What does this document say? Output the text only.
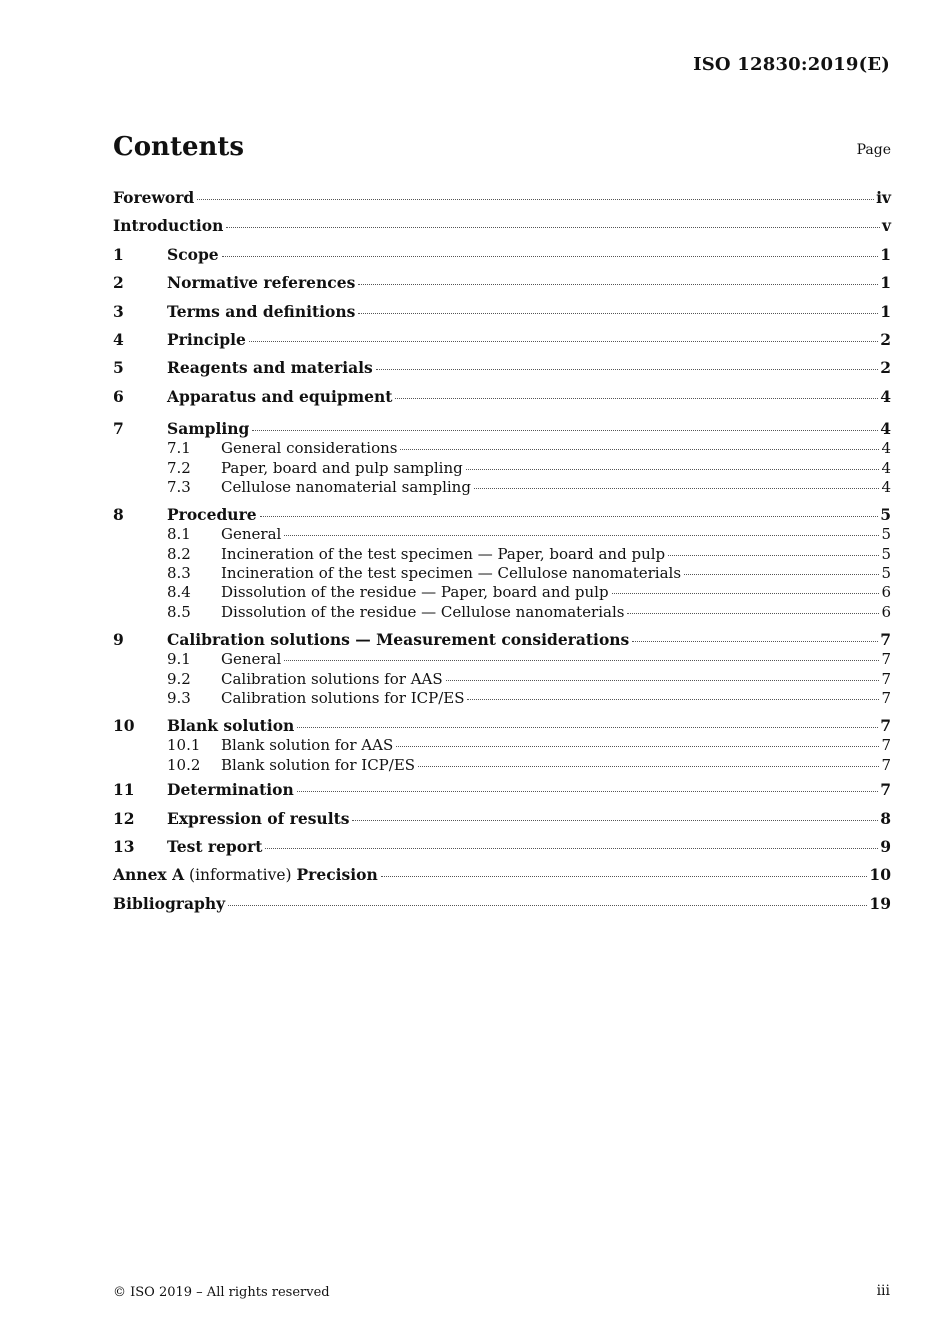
ISO 12830:2019(E)
Contents	Page
Foreword	iv
Introduction	v
1	Scope	1
2	Normative references	1
3	Terms and definitions	1
4	Principle	2
5	Reagents and materials	2
6	Apparatus and equipment	4
7	Sampling	4
7.1	General considerations	4
7.2	Paper, board and pulp sampling	4
7.3	Cellulose nanomaterial sampling	4
8	Procedure	5
8.1	General	5
8.2	Incineration of the test specimen — Paper, board and pulp	5
8.3	Incineration of the test specimen — Cellulose nanomaterials	5
8.4	Dissolution of the residue — Paper, board and pulp	6
8.5	Dissolution of the residue — Cellulose nanomaterials	6
9	Calibration solutions — Measurement considerations	7
9.1	General	7
9.2	Calibration solutions for AAS	7
9.3	Calibration solutions for ICP/ES	7
10	Blank solution	7
10.1	Blank solution for AAS	7
10.2	Blank solution for ICP/ES	7
11	Determination	7
12	Expression of results	8
13	Test report	9
Annex A (informative) Precision	10
Bibliography	19
© ISO 2019 – All rights reserved	iii
